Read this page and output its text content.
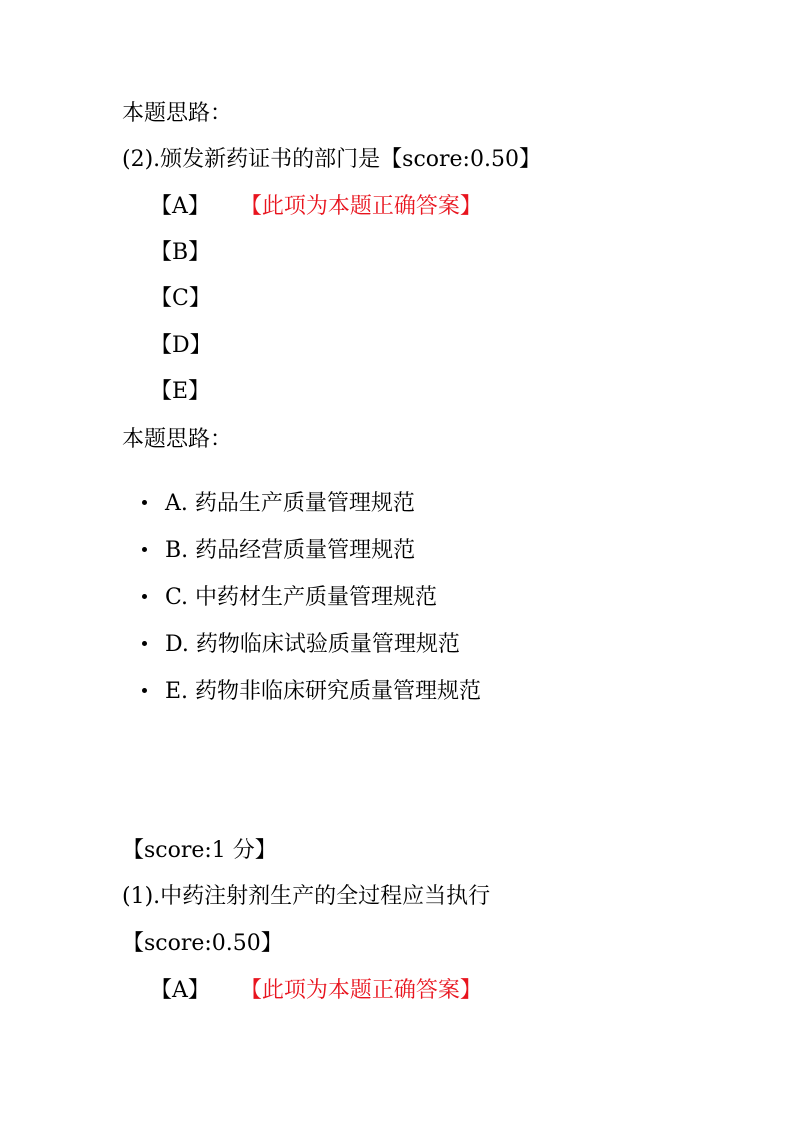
本题思路：
(2).颁发新药证书的部门是【score:0.50】
【A】 【此项为本题正确答案】
【B】
【C】
【D】
【E】
本题思路：
A. 药品生产质量管理规范
B. 药品经营质量管理规范
C. 中药材生产质量管理规范
D. 药物临床试验质量管理规范
E. 药物非临床研究质量管理规范
【score:1 分】
(1).中药注射剂生产的全过程应当执行
【score:0.50】
【A】 【此项为本题正确答案】
